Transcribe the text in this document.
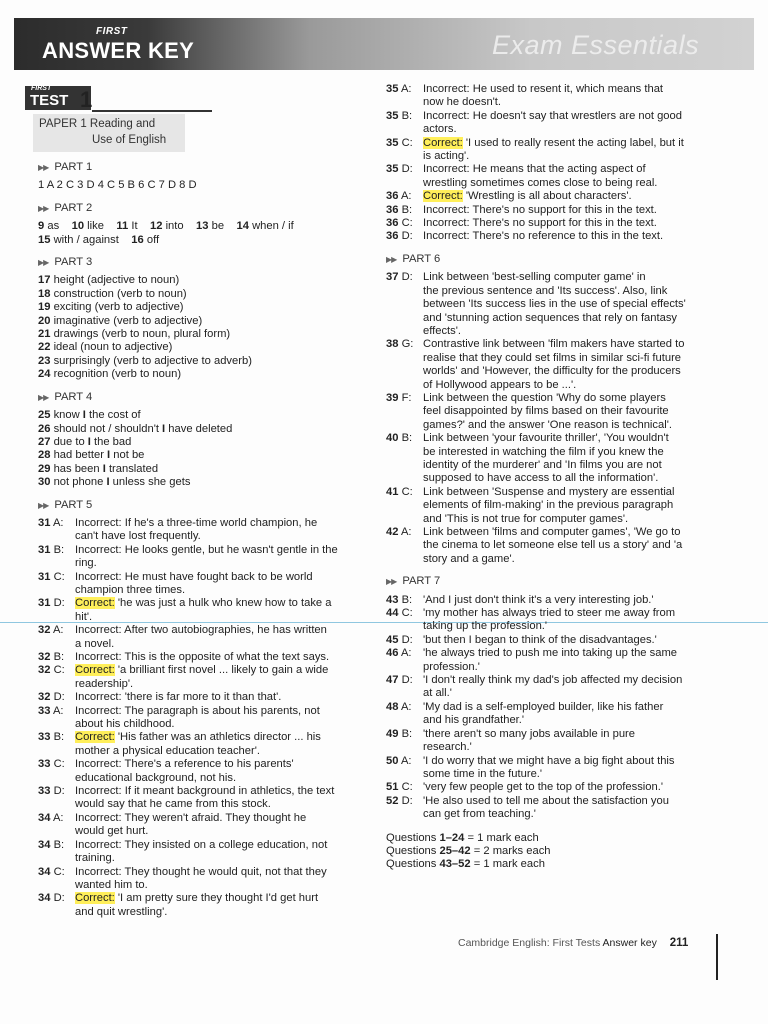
FIRST
ANSWER KEY	Exam Essentials
FIRST
TEST 1
PAPER 1 Reading and
Use of English
▶▶ PART 1
1 A 2 C 3 D 4 C 5 B 6 C 7 D 8 D
▶▶ PART 2
9 as 10 like 11 It 12 into 13 be 14 when / if
15 with / against 16 off
▶▶ PART 3
17 height (adjective to noun)
18 construction (verb to noun)
19 exciting (verb to adjective)
20 imaginative (verb to adjective)
21 drawings (verb to noun, plural form)
22 ideal (noun to adjective)
23 surprisingly (verb to adjective to adverb)
24 recognition (verb to noun)
▶▶ PART 4
25 know I the cost of
26 should not / shouldn't I have deleted
27 due to I the bad
28 had better I not be
29 has been I translated
30 not phone I unless she gets
▶▶ PART 5
31 A: Incorrect: If he's a three-time world champion, he
can't have lost frequently.
31 B: Incorrect: He looks gentle, but he wasn't gentle in the
ring.
31 C: Incorrect: He must have fought back to be world
champion three times.
31 D: Correct: 'he was just a hulk who knew how to take a
hit'.
32 A: Incorrect: After two autobiographies, he has written
a novel.
32 B: Incorrect: This is the opposite of what the text says.
32 C: Correct: 'a brilliant first novel ... likely to gain a wide
readership'.
32 D: Incorrect: 'there is far more to it than that'.
33 A: Incorrect: The paragraph is about his parents, not
about his childhood.
33 B: Correct: 'His father was an athletics director ... his
mother a physical education teacher'.
33 C: Incorrect: There's a reference to his parents'
educational background, not his.
33 D: Incorrect: If it meant background in athletics, the text
would say that he came from this stock.
34 A: Incorrect: They weren't afraid. They thought he
would get hurt.
34 B: Incorrect: They insisted on a college education, not
training.
34 C: Incorrect: They thought he would quit, not that they
wanted him to.
34 D: Correct: 'I am pretty sure they thought I'd get hurt
and quit wrestling'.
35 A: Incorrect: He used to resent it, which means that
now he doesn't.
35 B: Incorrect: He doesn't say that wrestlers are not good
actors.
35 C: Correct: 'I used to really resent the acting label, but it
is acting'.
35 D: Incorrect: He means that the acting aspect of
wrestling sometimes comes close to being real.
36 A: Correct: 'Wrestling is all about characters'.
36 B: Incorrect: There's no support for this in the text.
36 C: Incorrect: There's no support for this in the text.
36 D: Incorrect: There's no reference to this in the text.
▶▶ PART 6
37 D: Link between 'best-selling computer game' in
the previous sentence and 'Its success'. Also, link
between 'Its success lies in the use of special effects'
and 'stunning action sequences that rely on fantasy
effects'.
38 G: Contrastive link between 'film makers have started to
realise that they could set films in similar sci-fi future
worlds' and 'However, the difficulty for the producers
of Hollywood appears to be ...'.
39 F: Link between the question 'Why do some players
feel disappointed by films based on their favourite
games?' and the answer 'One reason is technical'.
40 B: Link between 'your favourite thriller', 'You wouldn't
be interested in watching the film if you knew the
identity of the murderer' and 'In films you are not
supposed to have access to all the information'.
41 C: Link between 'Suspense and mystery are essential
elements of film-making' in the previous paragraph
and 'This is not true for computer games'.
42 A: Link between 'films and computer games', 'We go to
the cinema to let someone else tell us a story' and 'a
story and a game'.
▶▶ PART 7
43 B: 'And I just don't think it's a very interesting job.'
44 C: 'my mother has always tried to steer me away from
taking up the profession.'
45 D: 'but then I began to think of the disadvantages.'
46 A: 'he always tried to push me into taking up the same
profession.'
47 D: 'I don't really think my dad's job affected my decision
at all.'
48 A: 'My dad is a self-employed builder, like his father
and his grandfather.'
49 B: 'there aren't so many jobs available in pure
research.'
50 A: 'I do worry that we might have a big fight about this
some time in the future.'
51 C: 'very few people get to the top of the profession.'
52 D: 'He also used to tell me about the satisfaction you
can get from teaching.'
Questions 1–24 = 1 mark each
Questions 25–42 = 2 marks each
Questions 43–52 = 1 mark each
Cambridge English: First Tests Answer key 211
